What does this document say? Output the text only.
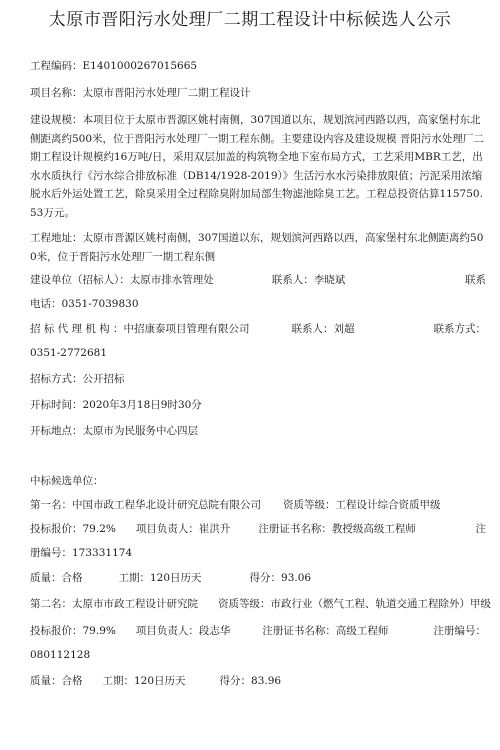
太原市晋阳污水处理厂二期工程设计中标候选人公示

工程编码：E1401000267015665

项目名称：太原市晋阳污水处理厂二期工程设计

建设规模：本项目位于太原市晋源区姚村南侧，307国道以东，规划滨河西路以西，高家堡村东北侧距离约500米，位于晋阳污水处理厂一期工程东侧。主要建设内容及建设规模 晋阳污水处理厂二期工程设计规模约16万吨/日，采用双层加盖的构筑物全地下室布局方式，工艺采用MBR工艺，出水水质执行《污水综合排放标准（DB14/1928-2019）》生活污水水污染排放限值；污泥采用浓缩脱水后外运处置工艺，除臭采用全过程除臭附加局部生物滤池除臭工艺。工程总投资估算115750.53万元。

工程地址：太原市晋源区姚村南侧，307国道以东，规划滨河西路以西，高家堡村东北侧距离约500米，位于晋阳污水处理厂一期工程东侧

建设单位（招标人）：太原市排水管理处	联系人：李晓斌	联系
电话：0351-7039830
招 标 代 理 机 构 ：中招康泰项目管理有限公司	联系人：刘超	联系方式：
0351-2772681

招标方式：公开招标

开标时间：2020年3月18日9时30分

开标地点：太原市为民服务中心四层

中标候选单位：

第一名：中国市政工程华北设计研究总院有限公司 资质等级：工程设计综合资质甲级
投标报价：79.2% 项目负责人：崔洪升	注册证书名称：教授级高级工程师	注
册编号：173331174
质量：合格	工期：120日历天	得分：93.06
第二名：太原市市政工程设计研究院 资质等级：市政行业（燃气工程、轨道交通工程除外）甲级
投标报价：79.9% 项目负责人：段志华	注册证书名称：高级工程师	注册编号：
080112128
质量：合格 工期：120日历天	得分：83.96
